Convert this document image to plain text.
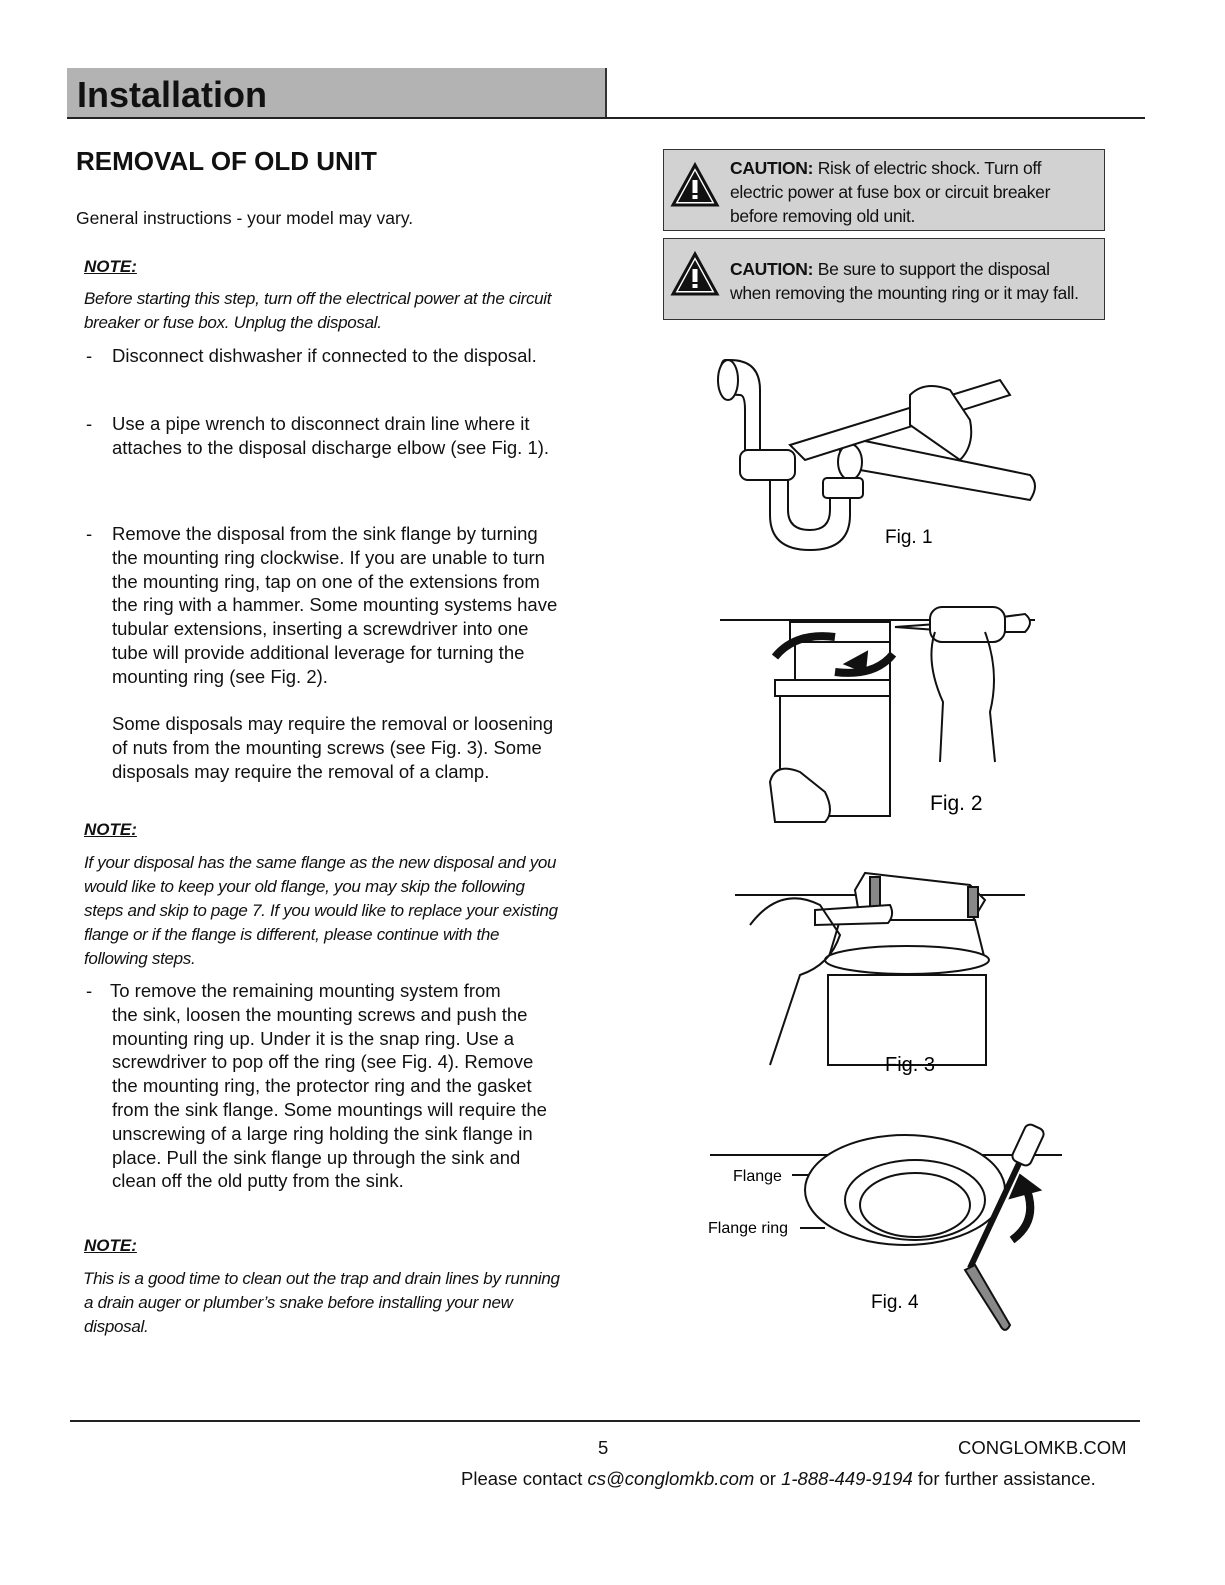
Installation
REMOVAL OF OLD UNIT
General instructions - your model may vary.
NOTE:
Before starting this step, turn off the electrical power at the circuit
breaker or fuse box. Unplug the disposal.
- Disconnect dishwasher if connected to the disposal.
- Use a pipe wrench to disconnect drain line where it
attaches to the disposal discharge elbow (see Fig. 1).
- Remove the disposal from the sink flange by turning
the mounting ring clockwise. If you are unable to turn
the mounting ring, tap on one of the extensions from
the ring with a hammer. Some mounting systems have
tubular extensions, inserting a screwdriver into one
tube will provide additional leverage for turning the
mounting ring (see Fig. 2).
Some disposals may require the removal or loosening
of nuts from the mounting screws (see Fig. 3). Some
disposals may require the removal of a clamp.
NOTE:
If your disposal has the same flange as the new disposal and you
would like to keep your old flange, you may skip the following
steps and skip to page 7. If you would like to replace your existing
flange or if the flange is different, please continue with the
following steps.
- To remove the remaining mounting system from
the sink, loosen the mounting screws and push the
mounting ring up. Under it is the snap ring. Use a
screwdriver to pop off the ring (see Fig. 4). Remove
the mounting ring, the protector ring and the gasket
from the sink flange. Some mountings will require the
unscrewing of a large ring holding the sink flange in
place. Pull the sink flange up through the sink and
clean off the old putty from the sink.
NOTE:
This is a good time to clean out the trap and drain lines by running
a drain auger or plumber’s snake before installing your new
disposal.
CAUTION: Risk of electric shock. Turn off
electric power at fuse box or circuit breaker
before removing old unit.
CAUTION: Be sure to support the disposal
when removing the mounting ring or it may fall.
Fig. 1
Fig. 2
Fig. 3
Flange
Flange ring
Fig. 4
5	CONGLOMKB.COM
Please contact cs@conglomkb.com or 1-888-449-9194 for further assistance.
